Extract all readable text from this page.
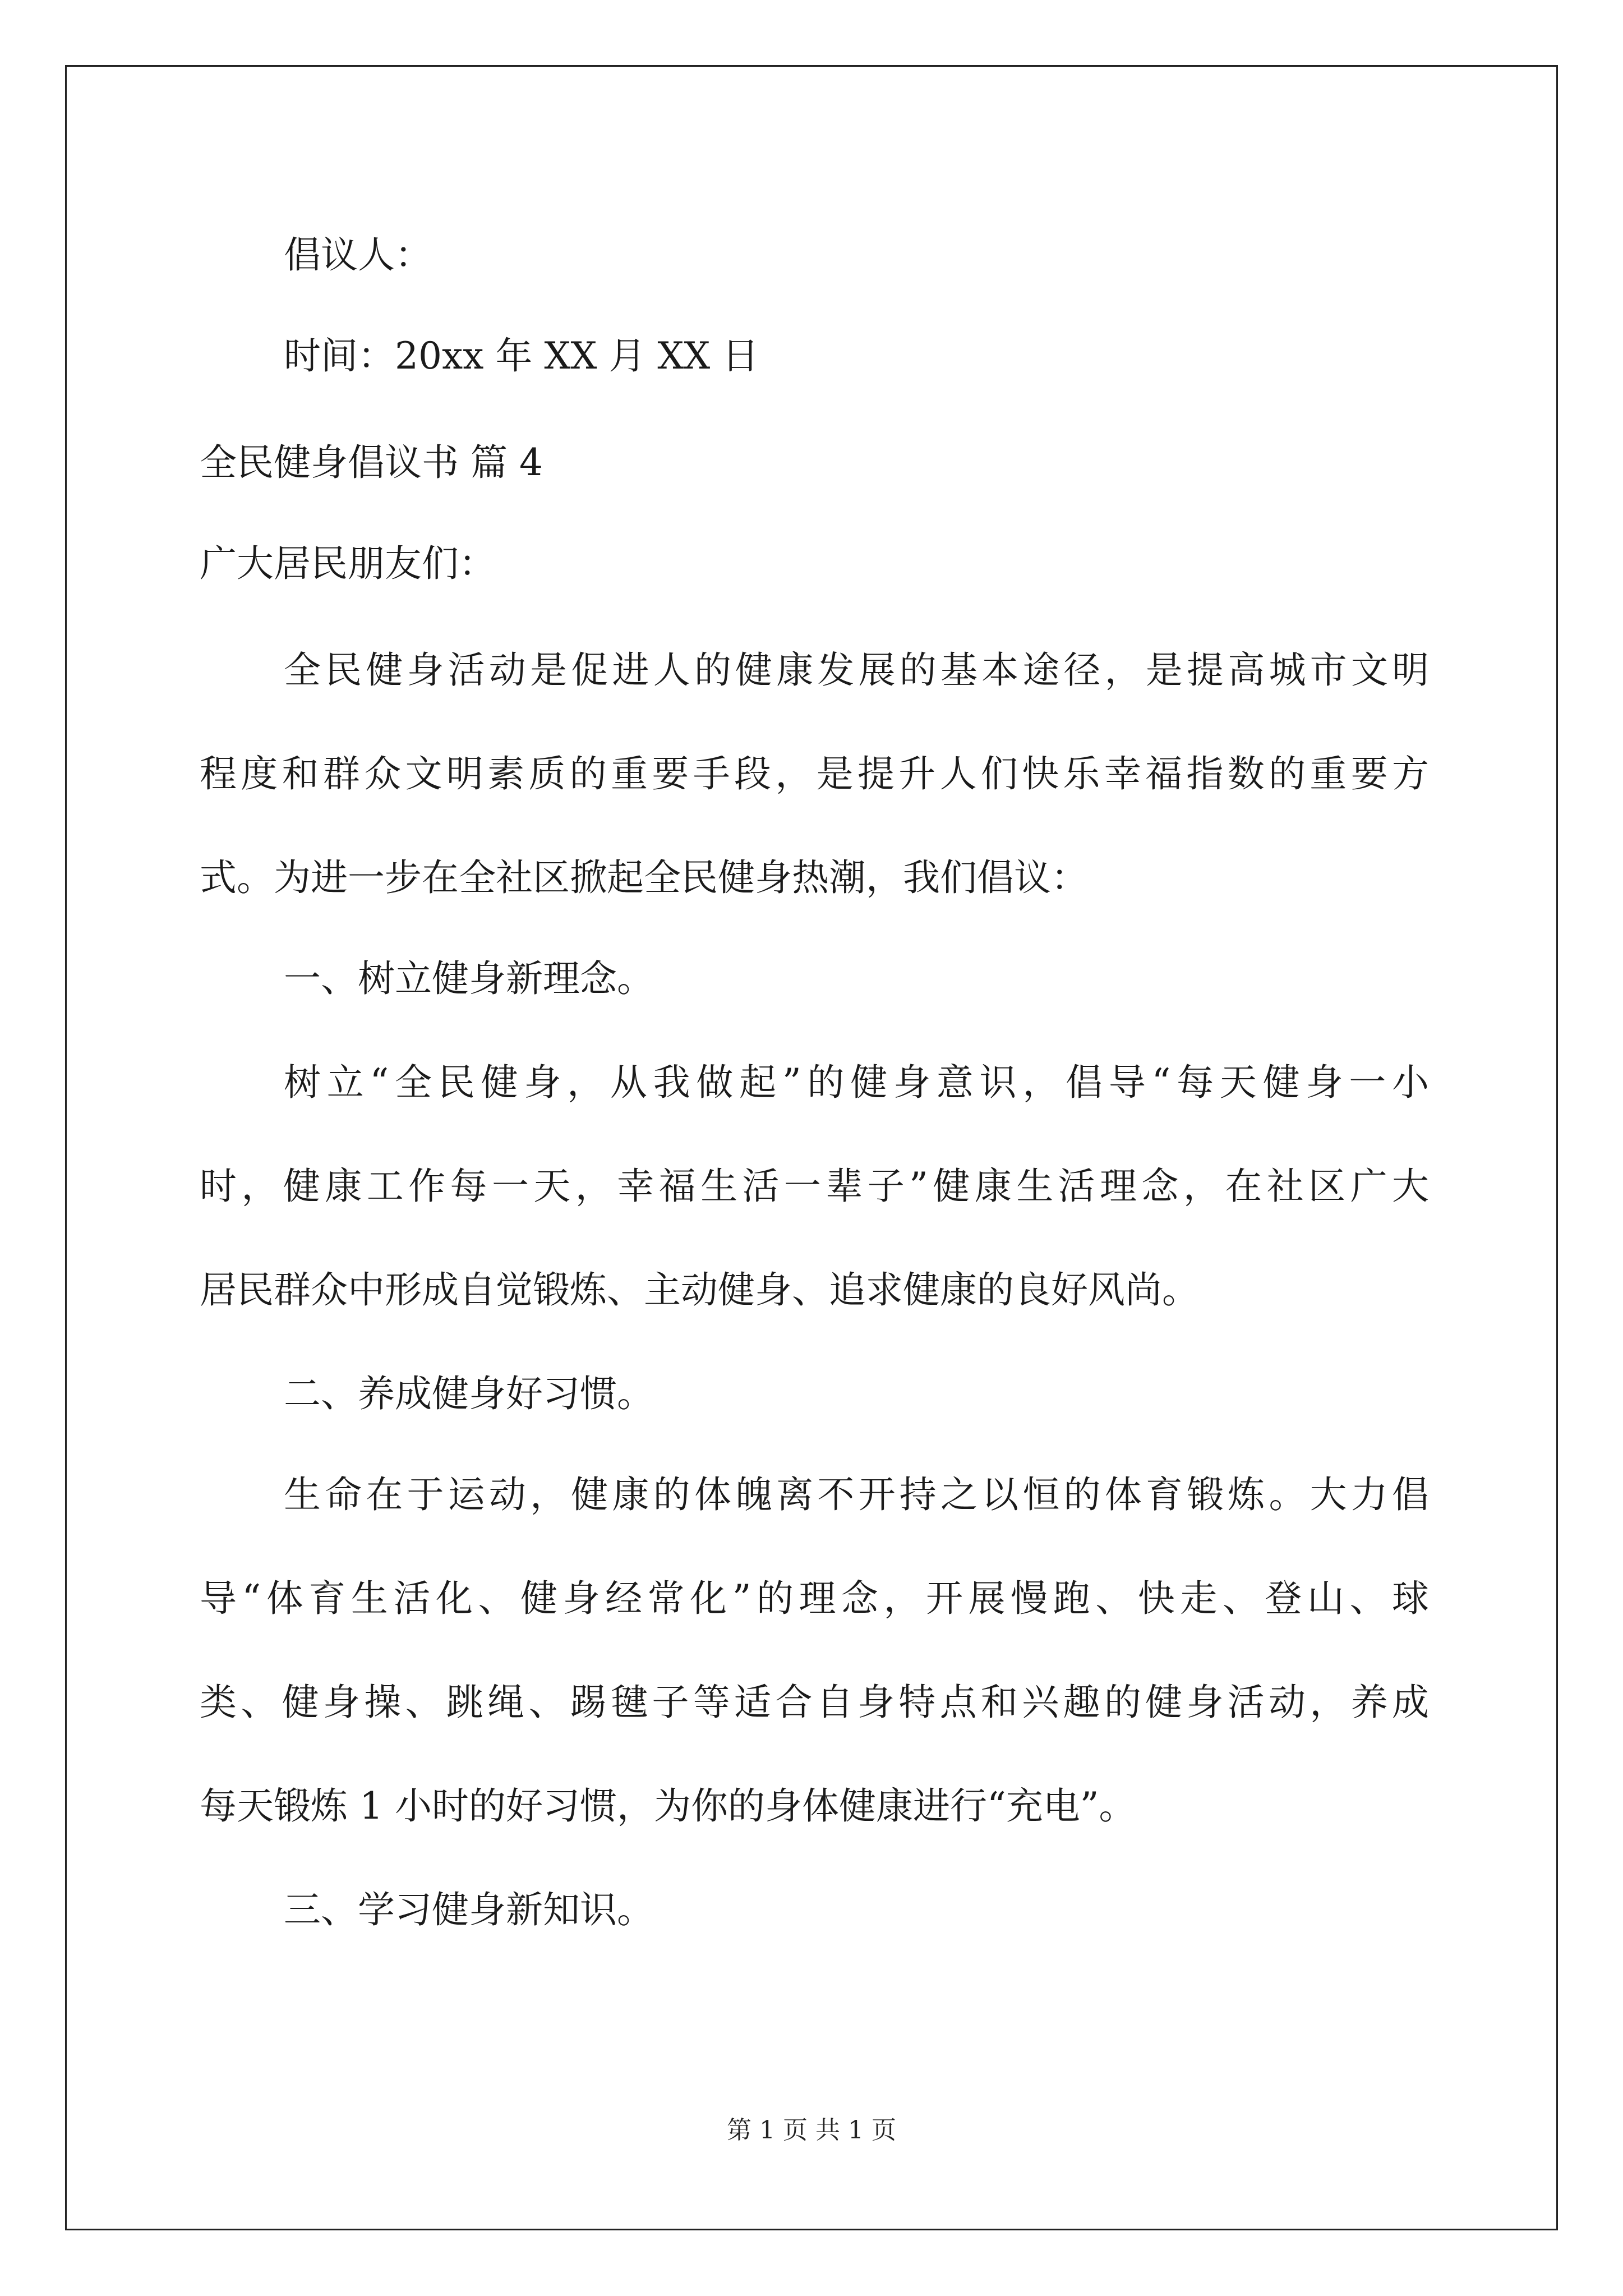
倡议人：
时间：20xx 年 XX 月 XX 日
全民健身倡议书 篇 4
广大居民朋友们：
全民健身活动是促进人的健康发展的基本途径，是提高城市文明
程度和群众文明素质的重要手段，是提升人们快乐幸福指数的重要方
式。为进一步在全社区掀起全民健身热潮，我们倡议：
一、树立健身新理念。
树立“全民健身，从我做起”的健身意识，倡导“每天健身一小
时，健康工作每一天，幸福生活一辈子”健康生活理念，在社区广大
居民群众中形成自觉锻炼、主动健身、追求健康的良好风尚。
二、养成健身好习惯。
生命在于运动，健康的体魄离不开持之以恒的体育锻炼。大力倡
导“体育生活化、健身经常化”的理念，开展慢跑、快走、登山、球
类、健身操、跳绳、踢毽子等适合自身特点和兴趣的健身活动，养成
每天锻炼 1 小时的好习惯，为你的身体健康进行“充电”。
三、学习健身新知识。
第 1 页 共 1 页
